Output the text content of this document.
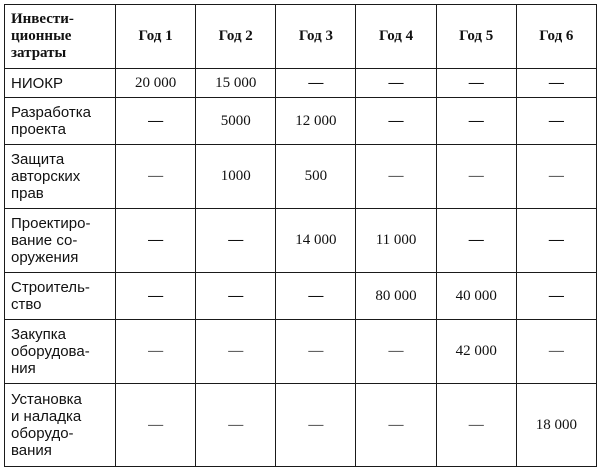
Инвести-
ционные
затраты	Год 1	Год 2	Год 3	Год 4	Год 5	Год 6

НИОКР	20 000	15 000	—	—	—	—

Разработка
проекта	—	5000	12 000	—	—	—

Защита
авторских
прав	—	1000	500	—	—	—

Проектиро-
вание со-
оружения	—	—	14 000	11 000	—	—

Строитель-
ство	—	—	—	80 000	40 000	—

Закупка
оборудова-
ния	—	—	—	—	42 000	—

Установка
и наладка
оборудо-
вания	—	—	—	—	—	18 000
